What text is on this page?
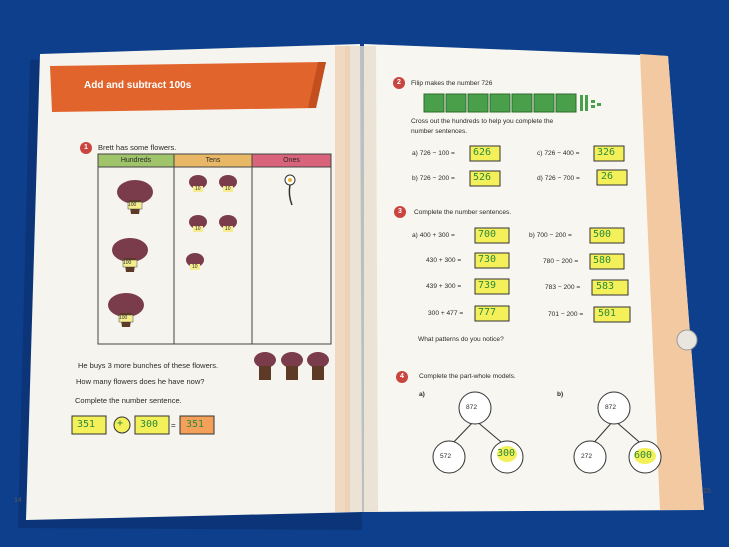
Add and subtract 100s

1	Brett has some flowers.

Hundreds	Tens	Ones

100

100

100

10	10

10	10

10

He buys 3 more bunches of these flowers.

How many flowers does he have now?

Complete the number sentence.

351 + 300 = 351

14

2	Filip makes the number 726

Cross out the hundreds to help you complete the

number sentences.

a) 726 − 100 = 626	c) 726 − 400 = 326

b) 726 − 200 = 526	d) 726 − 700 = 26

3	Complete the number sentences.

a) 400 + 300 = 700	b) 700 − 200 = 500

430 + 300 = 730	780 − 200 = 580

439 + 300 = 739	783 − 200 = 583

300 + 477 = 777	701 − 200 = 501

What patterns do you notice?

4	Complete the part-whole models.

a)	b)

872

572	300

872

272	600

15
